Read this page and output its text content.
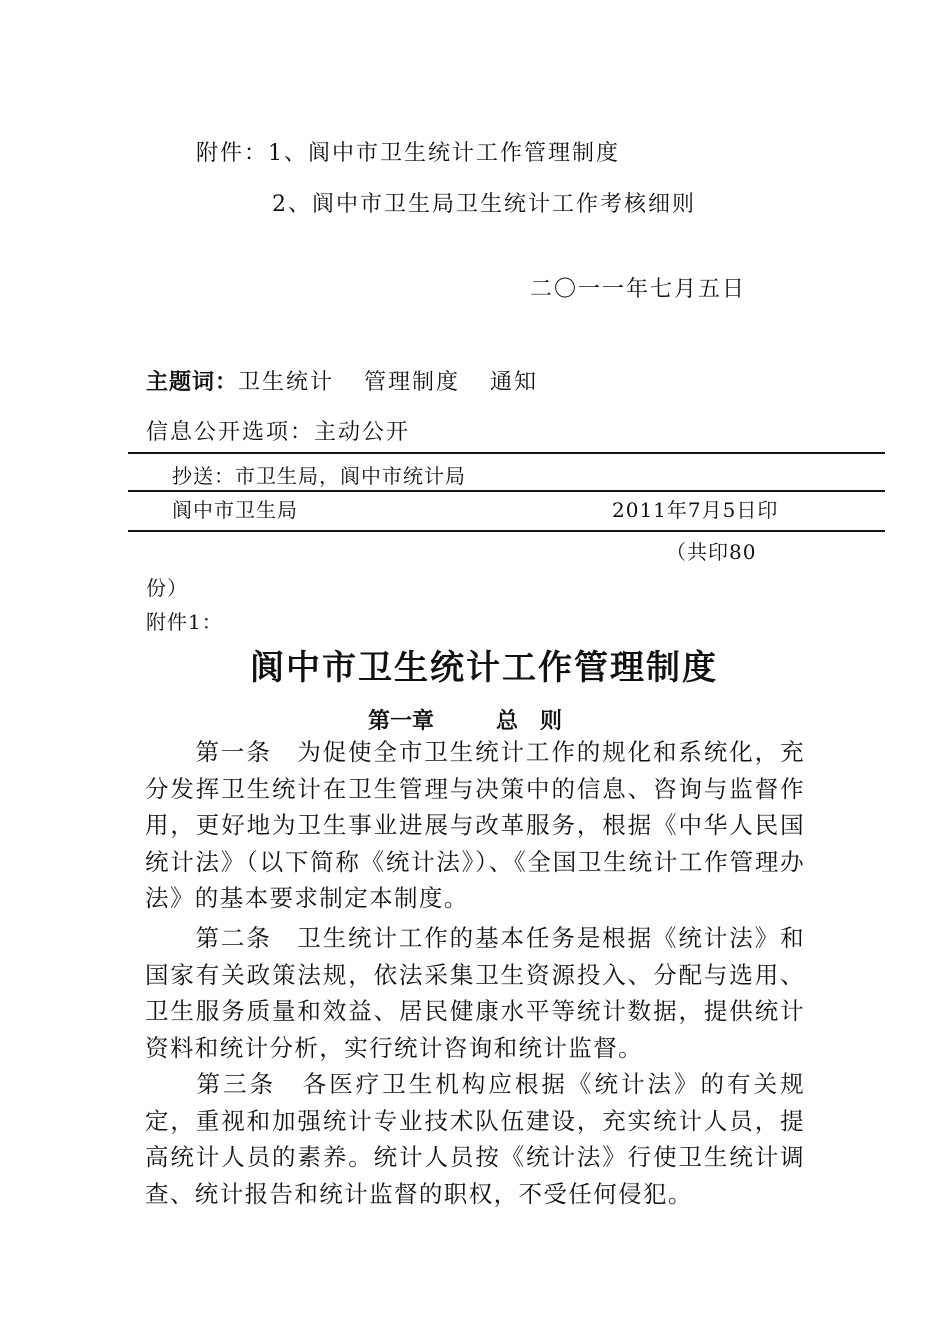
附件：1、阆中市卫生统计工作管理制度
2、阆中市卫生局卫生统计工作考核细则
二〇一一年七月五日
主题词：卫生统计 管理制度 通知
信息公开选项：主动公开
抄送：市卫生局，阆中市统计局
阆中市卫生局	2011年7月5日印
（共印80
份）
附件1：
阆中市卫生统计工作管理制度
第一章	总　则

第一条　 为促使全市卫生统计工作的规化和系统化，充分发挥卫生统计在卫生管理与决策中的信息、咨询与监督作用，更好地为卫生事业进展与改革服务，根据《中华人民国统计法》（以下简称《统计法》）、《全国卫生统计工作管理办法》的基本要求制定本制度。

第二条　 卫生统计工作的基本任务是根据《统计法》和国家有关政策法规，依法采集卫生资源投入、分配与选用、卫生服务质量和效益、居民健康水平等统计数据，提供统计资料和统计分析，实行统计咨询和统计监督。

第三条　 各医疗卫生机构应根据《统计法》的有关规定，重视和加强统计专业技术队伍建设，充实统计人员，提高统计人员的素养。统计人员按《统计法》行使卫生统计调查、统计报告和统计监督的职权，不受任何侵犯。
